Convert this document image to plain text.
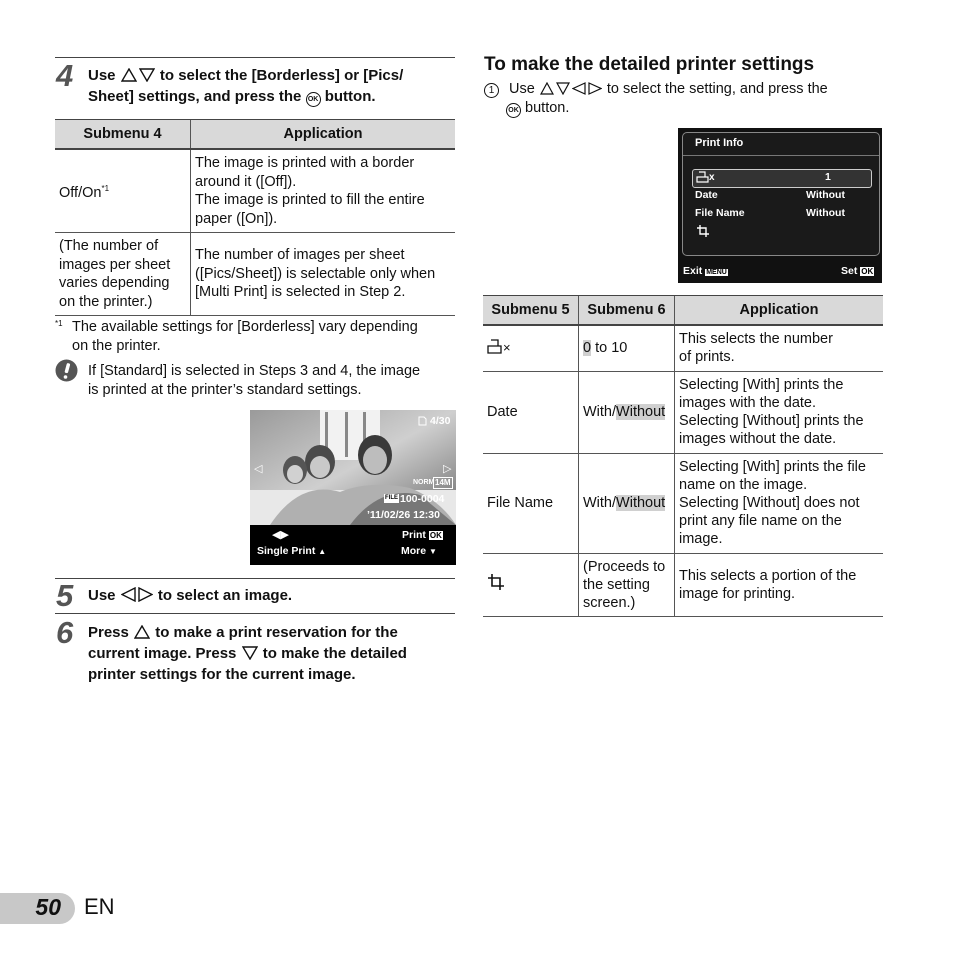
4 Use	to select the [Borderless] or [Pics/
Sheet] settings, and press the OK button.
Submenu 4	Application
Off/On$^{*1}$	The image is printed with a border
around it ([Off]).
The image is printed to fill the entire
paper ([On]).
(The number of
images per sheet
varies depending
on the printer.)	The number of images per sheet
([Pics/Sheet]) is selectable only when
[Multi Print] is selected in Step 2.
*1 The available settings for [Borderless] vary depending
on the printer.
If [Standard] is selected in Steps 3 and 4, the image
is printed at the printer’s standard settings.
4/30
◁	▷
NORM 14M
FILE 100-0004
’11/02/26 12:30
◀▶	Print OK
Single Print ▲	More ▼
5 Use	to select an image.
6 Press to make a print reservation for the
current image. Press to make the detailed
printer settings for the current image.
To make the detailed printer settings
1 Use	to select the setting, and press the
OK button.
Print Info
x	1
Date	Without
File Name	Without
Exit MENU	Set OK
Submenu 5	Submenu 6	Application
×	0 to 10	This selects the number
of prints.
Date	With/Without	Selecting [With] prints the
images with the date.
Selecting [Without] prints the
images without the date.
File Name	With/Without	Selecting [With] prints the file
name on the image.
Selecting [Without] does not
print any file name on the
image.
	(Proceeds to
the setting
screen.)	This selects a portion of the
image for printing.
50 EN
